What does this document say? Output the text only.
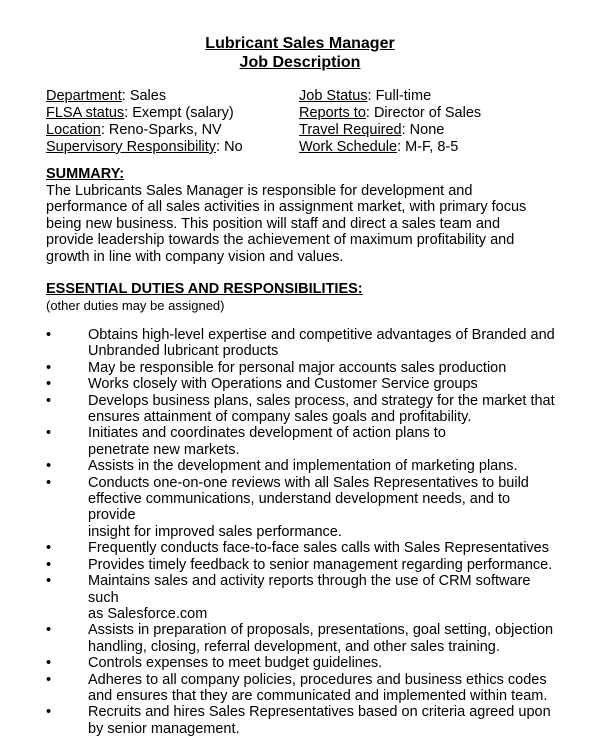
Lubricant Sales Manager
Job Description
Department: Sales
FLSA status: Exempt (salary)
Location: Reno-Sparks, NV
Supervisory Responsibility: No
Job Status: Full-time
Reports to: Director of Sales
Travel Required: None
Work Schedule: M-F, 8-5
SUMMARY:
The Lubricants Sales Manager is responsible for development and performance of all sales activities in assignment market, with primary focus being new business. This position will staff and direct a sales team and provide leadership towards the achievement of maximum profitability and growth in line with company vision and values.
ESSENTIAL DUTIES AND RESPONSIBILITIES:
(other duties may be assigned)
•	Obtains high-level expertise and competitive advantages of Branded and
Unbranded lubricant products
•	May be responsible for personal major accounts sales production
•	Works closely with Operations and Customer Service groups
•	Develops business plans, sales process, and strategy for the market that
ensures attainment of company sales goals and profitability.
•	Initiates and coordinates development of action plans to
penetrate new markets.
•	Assists in the development and implementation of marketing plans.
•	Conducts one-on-one reviews with all Sales Representatives to build
effective communications, understand development needs, and to provide
insight for improved sales performance.
•	Frequently conducts face-to-face sales calls with Sales Representatives
•	Provides timely feedback to senior management regarding performance.
•	Maintains sales and activity reports through the use of CRM software such
as Salesforce.com
•	Assists in preparation of proposals, presentations, goal setting, objection
handling, closing, referral development, and other sales training.
•	Controls expenses to meet budget guidelines.
•	Adheres to all company policies, procedures and business ethics codes
and ensures that they are communicated and implemented within team.
•	Recruits and hires Sales Representatives based on criteria agreed upon
by senior management.
